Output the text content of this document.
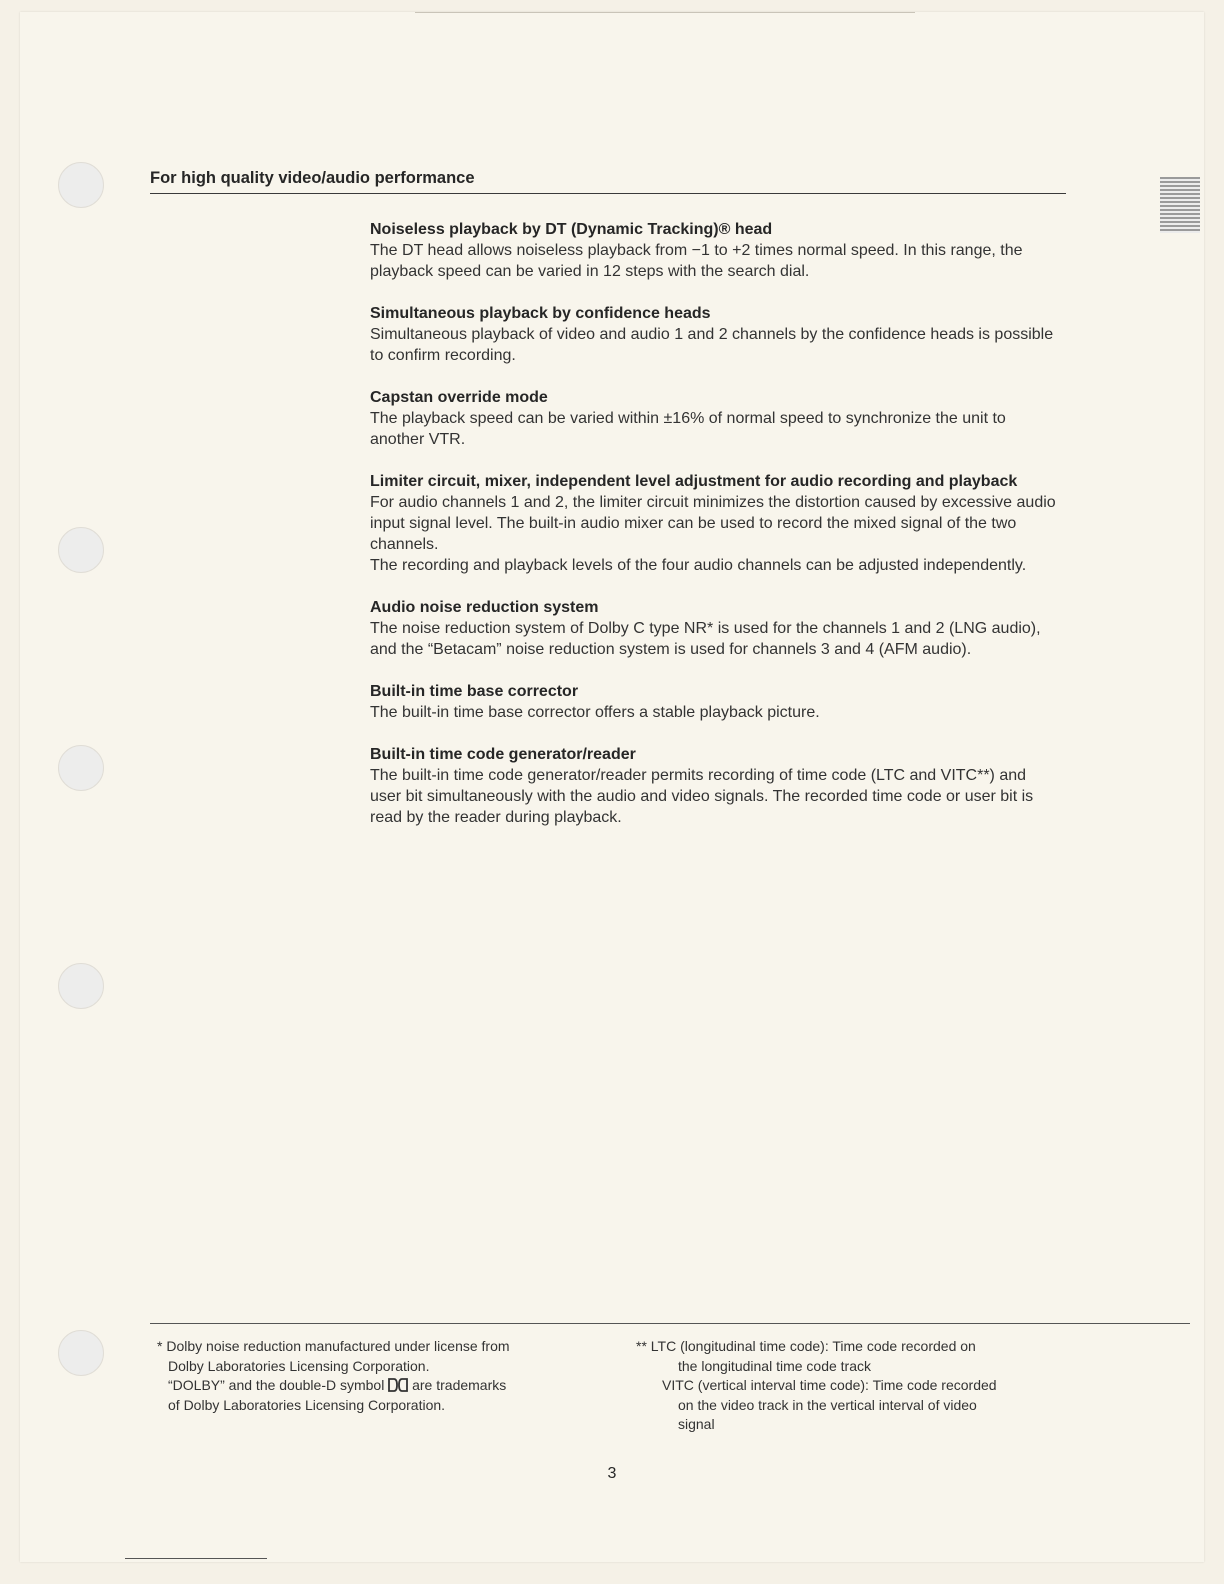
For high quality video/audio performance
Noiseless playback by DT (Dynamic Tracking)® head
The DT head allows noiseless playback from −1 to +2 times normal speed. In this range, the playback speed can be varied in 12 steps with the search dial.
Simultaneous playback by confidence heads
Simultaneous playback of video and audio 1 and 2 channels by the confidence heads is possible to confirm recording.
Capstan override mode
The playback speed can be varied within ±16% of normal speed to synchronize the unit to another VTR.
Limiter circuit, mixer, independent level adjustment for audio recording and playback
For audio channels 1 and 2, the limiter circuit minimizes the distortion caused by excessive audio input signal level. The built-in audio mixer can be used to record the mixed signal of the two channels.
The recording and playback levels of the four audio channels can be adjusted independently.
Audio noise reduction system
The noise reduction system of Dolby C type NR* is used for the channels 1 and 2 (LNG audio), and the “Betacam” noise reduction system is used for channels 3 and 4 (AFM audio).
Built-in time base corrector
The built-in time base corrector offers a stable playback picture.
Built-in time code generator/reader
The built-in time code generator/reader permits recording of time code (LTC and VITC**) and user bit simultaneously with the audio and video signals. The recorded time code or user bit is read by the reader during playback.
* Dolby noise reduction manufactured under license from
Dolby Laboratories Licensing Corporation.
“DOLBY” and the double-D symbol are trademarks
of Dolby Laboratories Licensing Corporation.
** LTC (longitudinal time code): Time code recorded on
the longitudinal time code track
VITC (vertical interval time code): Time code recorded
on the video track in the vertical interval of video
signal
3
